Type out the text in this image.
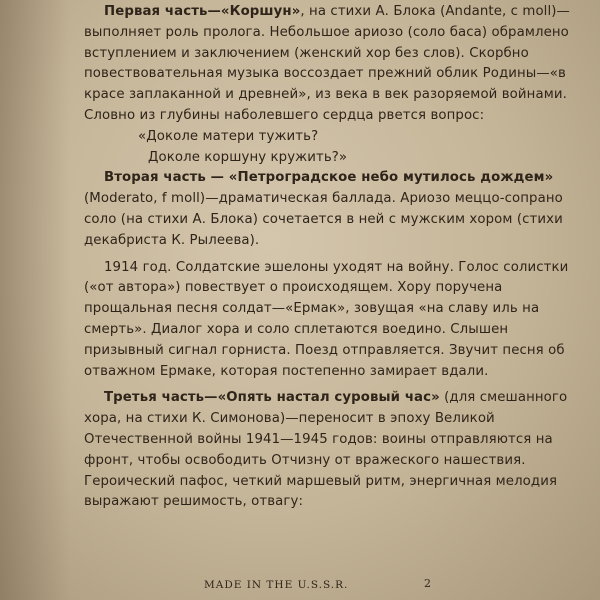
Первая часть—«Коршун», на стихи А. Блока (Andante, c moll)—выполняет роль пролога. Небольшое ариозо (соло баса) обрамлено вступлением и заключением (женский хор без слов). Скорбно повествовательная музыка воссоздает прежний облик Родины—«в красе заплаканной и древней», из века в век разоряемой войнами. Словно из глубины наболевшего сердца рвется вопрос:

«Доколе матери тужить?

Доколе коршуну кружить?»

Вторая часть — «Петроградское небо мутилось дождем» (Moderato, f moll)—драматическая баллада. Ариозо меццо-сопрано соло (на стихи А. Блока) сочетается в ней с мужским хором (стихи декабриста К. Рылеева).

1914 год. Солдатские эшелоны уходят на войну. Голос солистки («от автора») повествует о происходящем. Хору поручена прощальная песня солдат—«Ермак», зовущая «на славу иль на смерть». Диалог хора и соло сплетаются воедино. Слышен призывный сигнал горниста. Поезд отправляется. Звучит песня об отважном Ермаке, которая постепенно замирает вдали.

Третья часть—«Опять настал суровый час» (для смешанного хора, на стихи К. Симонова)—переносит в эпоху Великой Отечественной войны 1941—1945 годов: воины отправляются на фронт, чтобы освободить Отчизну от вражеского нашествия. Героический пафос, четкий маршевый ритм, энергичная мелодия выражают решимость, отвагу:

MADE IN THE U.S.S.R.	2
